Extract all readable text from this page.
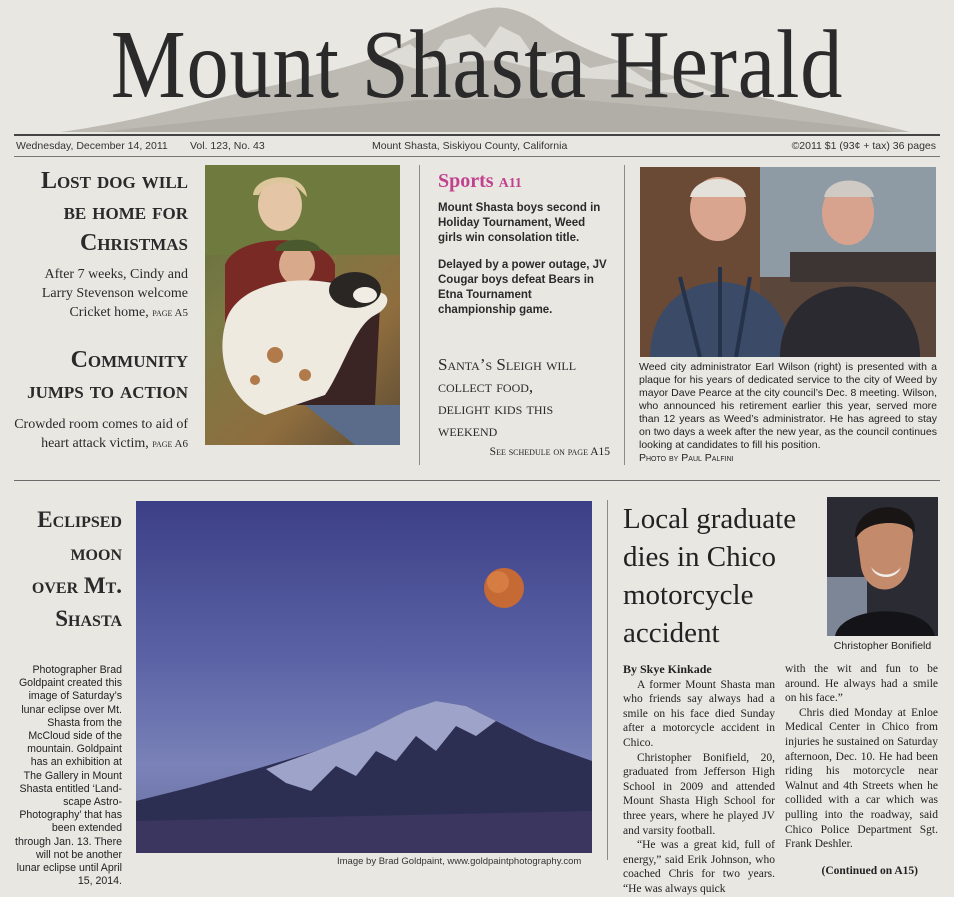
Mount Shasta Herald
Wednesday, December 14, 2011 Vol. 123, No. 43	Mount Shasta, Siskiyou County, California	©2011 $1 (93¢ + tax) 36 pages
Lost dog will
be home for
Christmas
After 7 weeks, Cindy and Larry Stevenson welcome Cricket home, page A5
Community
jumps to action
Crowded room comes to aid of heart attack victim, page A6
Sports A11
Mount Shasta boys second in Holiday Tournament, Weed girls win consolation title.
Delayed by a power outage, JV Cougar boys defeat Bears in Etna Tournament championship game.
Santa’s Sleigh will
collect food,
delight kids this
weekend
See schedule on page A15
Weed city administrator Earl Wilson (right) is presented with a plaque for his years of dedicated service to the city of Weed by mayor Dave Pearce at the city council’s Dec. 8 meeting. Wilson, who announced his retirement earlier this year, served more than 12 years as Weed’s administrator. He has agreed to stay on two days a week after the new year, as the council continues looking at candidates to fill his position.
Photo by Paul Palfini
Eclipsed
moon
over Mt.
Shasta
Photographer Brad Goldpaint created this image of Saturday’s lunar eclipse over Mt. Shasta from the McCloud side of the mountain. Goldpaint has an exhibition at The Gallery in Mount Shasta entitled ‘Land-scape Astro-Photography’ that has been extended through Jan. 13. There will not be another lunar eclipse until April 15, 2014.
Image by Brad Goldpaint, www.goldpaintphotography.com
Local graduate
dies in Chico
motorcycle
accident	Christopher Bonifield
By Skye Kinkade

A former Mount Shasta man who friends say always had a smile on his face died Sunday after a motorcycle accident in Chico.

Christopher Bonifield, 20, graduated from Jefferson High School in 2009 and attended Mount Shasta High School for three years, where he played JV and varsity football.

“He was a great kid, full of energy,” said Erik Johnson, who coached Chris for two years. “He was always quick

with the wit and fun to be around. He always had a smile on his face.”

Chris died Monday at Enloe Medical Center in Chico from injuries he sustained on Saturday afternoon, Dec. 10. He had been riding his motorcycle near Walnut and 4th Streets when he collided with a car which was pulling into the roadway, said Chico Police Department Sgt. Frank Deshler.

(Continued on A15)
